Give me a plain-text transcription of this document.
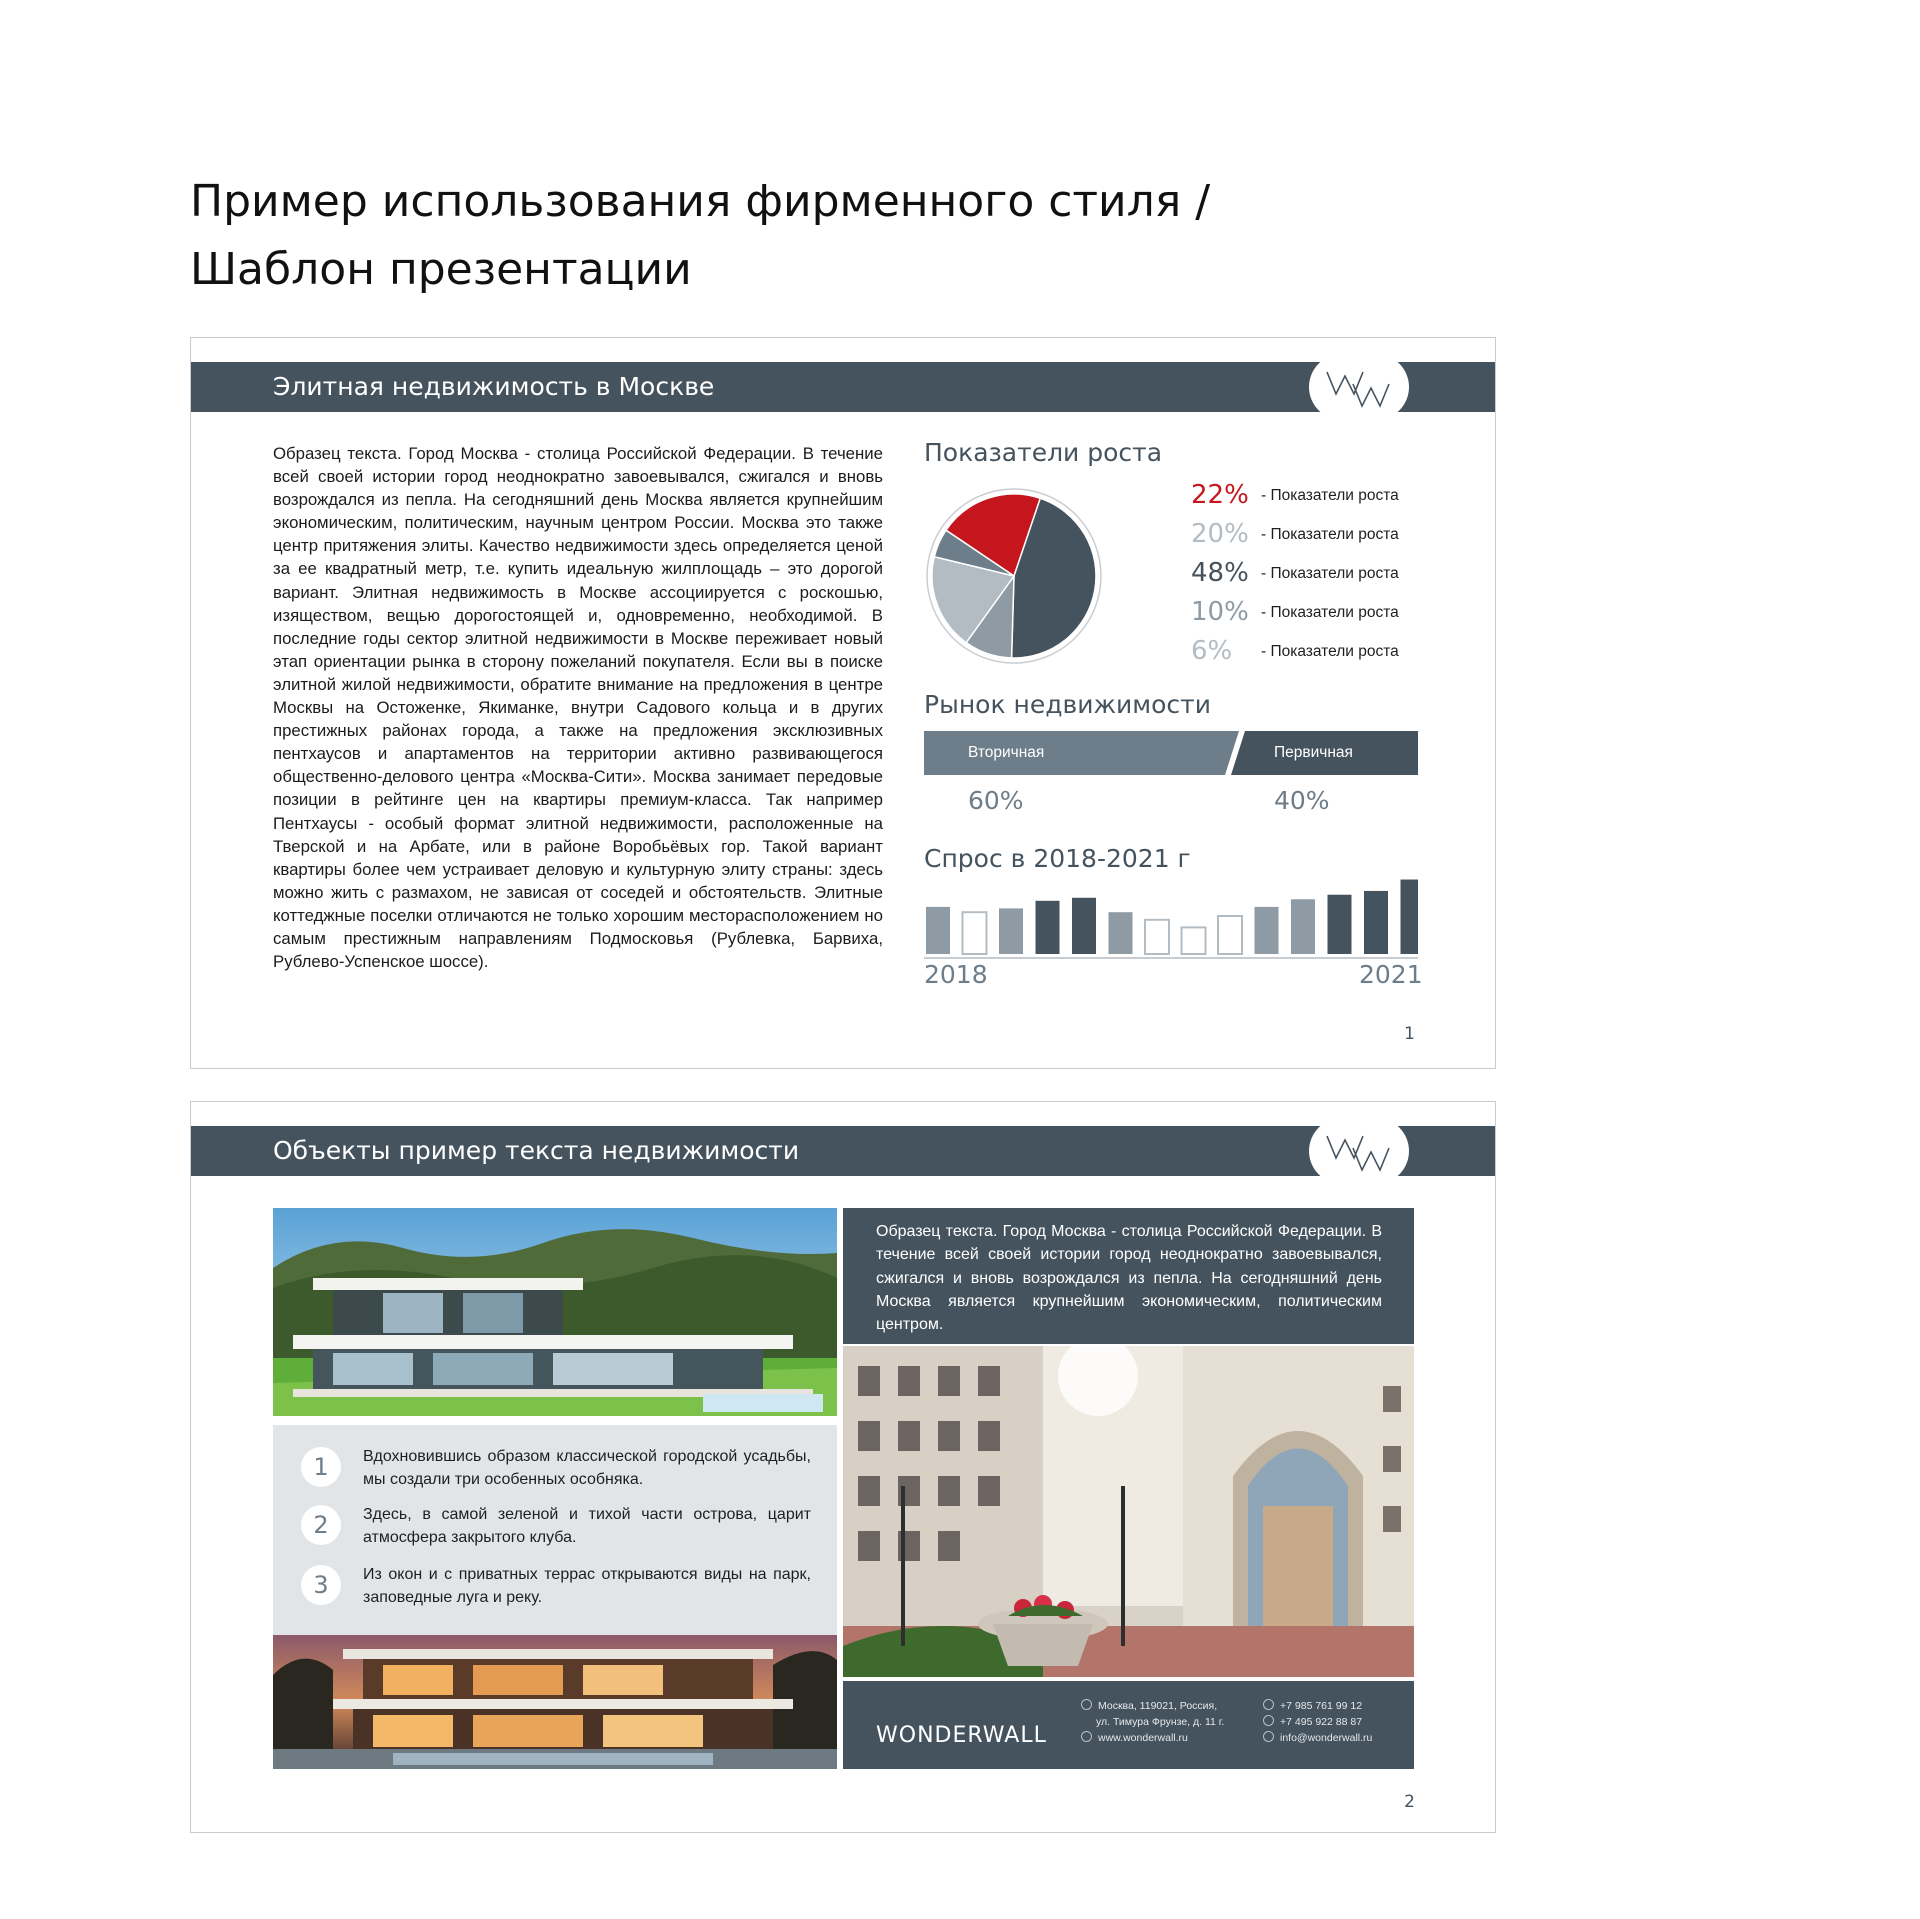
Пример использования фирменного стиля /
Шаблон презентации
Элитная недвижимость в Москве

Образец текста. Город Москва - столица Российской Федерации. В течение всей своей истории город неоднократно завоевывался, сжигался и вновь возрождался из пепла. На сегодняшний день Москва является крупнейшим экономическим, политическим, научным центром России. Москва это также центр притяжения элиты. Качество недвижимости здесь определяется ценой за ее квадратный метр, т.е. купить идеальную жилплощадь – это дорогой вариант. Элитная недвижимость в Москве ассоциируется с роскошью, изяществом, вещью дорогостоящей и, одновременно, необходимой. В последние годы сектор элитной недвижимости в Москве переживает новый этап ориентации рынка в сторону пожеланий покупателя. Если вы в поиске элитной жилой недвижимости, обратите внимание на предложения в центре Москвы на Остоженке, Якиманке, внутри Садового кольца и в других престижных районах города, а также на предложения эксклюзивных пентхаусов и апартаментов на территории активно развивающегося общественно-делового центра «Москва-Сити». Москва занимает передовые позиции в рейтинге цен на квартиры премиум-класса. Так например Пентхаусы - особый формат элитной недвижимости, расположенные на Тверской и на Арбате, или в районе Воробьёвых гор. Такой вариант квартиры более чем устраивает деловую и культурную элиту страны: здесь можно жить с размахом, не зависая от соседей и обстоятельств. Элитные коттеджные поселки отличаются не только хорошим месторасположением но самым престижным направлениям Подмосковья (Рублевка, Барвиха, Рублево-Успенское шоссе).

Показатели роста
22% - Показатели роста
20% - Показатели роста
48% - Показатели роста
10% - Показатели роста
6% - Показатели роста
Рынок недвижимости
Вторичная	Первичная
60%	40%
Спрос в 2018-2021 г
2018	2021
1
Объекты пример текста недвижимости
1	Вдохновившись образом классической городской усадьбы, мы создали три особенных особняка.

2	Здесь, в самой зеленой и тихой части острова, царит атмосфера закрытого клуба.

3	Из окон и с приватных террас открываются виды на парк, заповедные луга и реку.

Образец текста. Город Москва - столица Российской Федерации. В течение всей своей истории город неоднократно завоевывался, сжигался и вновь возрождался из пепла. На сегодняшний день Москва является крупнейшим экономическим, политическим центром.

WONDERWALL
Москва, 119021, Россия,
ул. Тимура Фрунзе, д. 11 г.
www.wonderwall.ru
+7 985 761 99 12
+7 495 922 88 87
info@wonderwall.ru
2
